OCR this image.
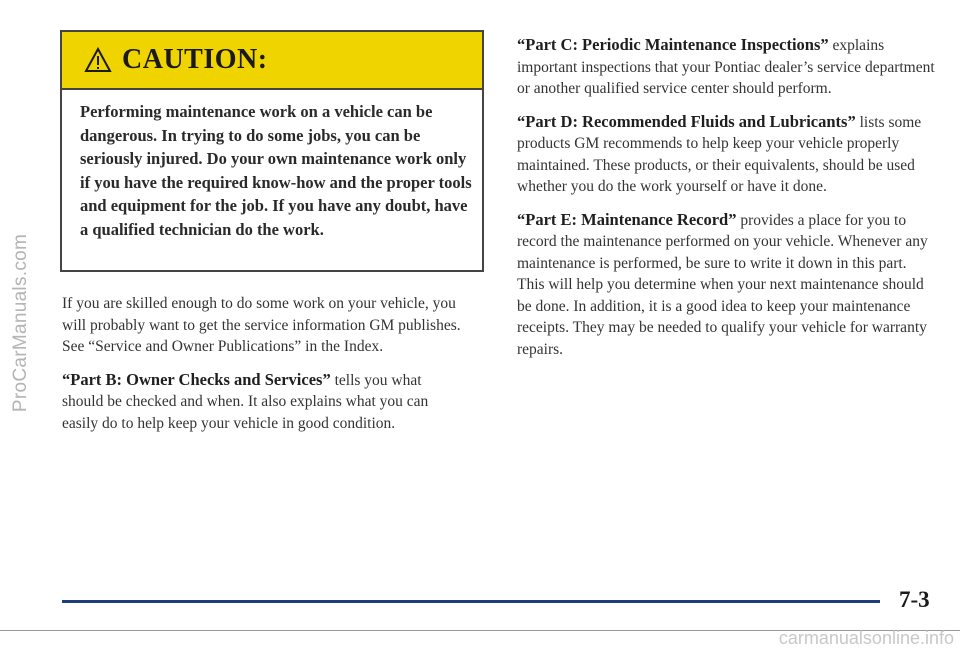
ProCarManuals.com
CAUTION:
Performing maintenance work on a vehicle can be dangerous. In trying to do some jobs, you can be seriously injured. Do your own maintenance work only if you have the required know-how and the proper tools and equipment for the job. If you have any doubt, have a qualified technician do the work.

If you are skilled enough to do some work on your vehicle, you will probably want to get the service information GM publishes. See “Service and Owner Publications” in the Index.

“Part B: Owner Checks and Services” tells you what should be checked and when. It also explains what you can easily do to help keep your vehicle in good condition.

“Part C: Periodic Maintenance Inspections” explains important inspections that your Pontiac dealer’s service department or another qualified service center should perform.

“Part D: Recommended Fluids and Lubricants” lists some products GM recommends to help keep your vehicle properly maintained. These products, or their equivalents, should be used whether you do the work yourself or have it done.

“Part E: Maintenance Record” provides a place for you to record the maintenance performed on your vehicle. Whenever any maintenance is performed, be sure to write it down in this part. This will help you determine when your next maintenance should be done. In addition, it is a good idea to keep your maintenance receipts. They may be needed to qualify your vehicle for warranty repairs.

7-3
carmanualsonline.info
